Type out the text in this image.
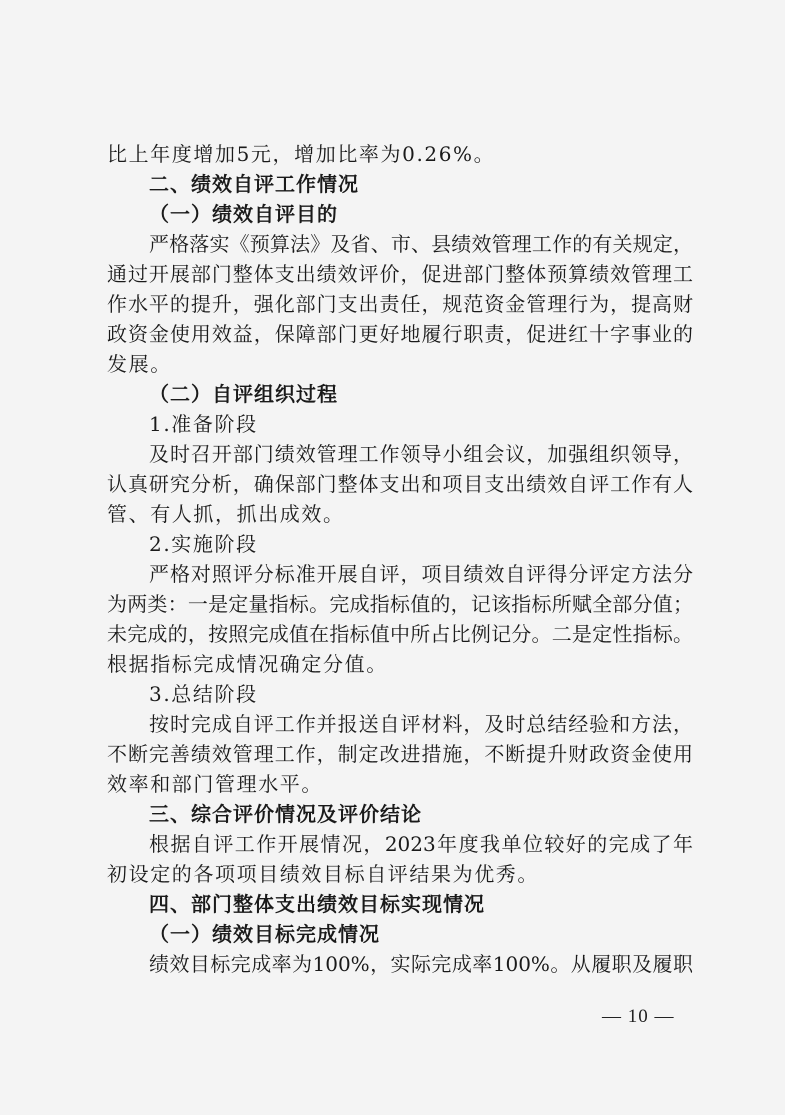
比上年度增加5元，增加比率为0.26%。
二、绩效自评工作情况
（一）绩效自评目的
严格落实《预算法》及省、市、县绩效管理工作的有关规定，
通过开展部门整体支出绩效评价，促进部门整体预算绩效管理工
作水平的提升，强化部门支出责任，规范资金管理行为，提高财
政资金使用效益，保障部门更好地履行职责，促进红十字事业的
发展。
（二）自评组织过程
1.准备阶段
及时召开部门绩效管理工作领导小组会议，加强组织领导，
认真研究分析，确保部门整体支出和项目支出绩效自评工作有人
管、有人抓，抓出成效。
2.实施阶段
严格对照评分标准开展自评，项目绩效自评得分评定方法分
为两类：一是定量指标。完成指标值的，记该指标所赋全部分值；
未完成的，按照完成值在指标值中所占比例记分。二是定性指标。
根据指标完成情况确定分值。
3.总结阶段
按时完成自评工作并报送自评材料，及时总结经验和方法，
不断完善绩效管理工作，制定改进措施，不断提升财政资金使用
效率和部门管理水平。
三、综合评价情况及评价结论
根据自评工作开展情况，2023年度我单位较好的完成了年
初设定的各项项目绩效目标自评结果为优秀。
四、部门整体支出绩效目标实现情况
（一）绩效目标完成情况
绩效目标完成率为100%，实际完成率100%。从履职及履职
— 10 —
